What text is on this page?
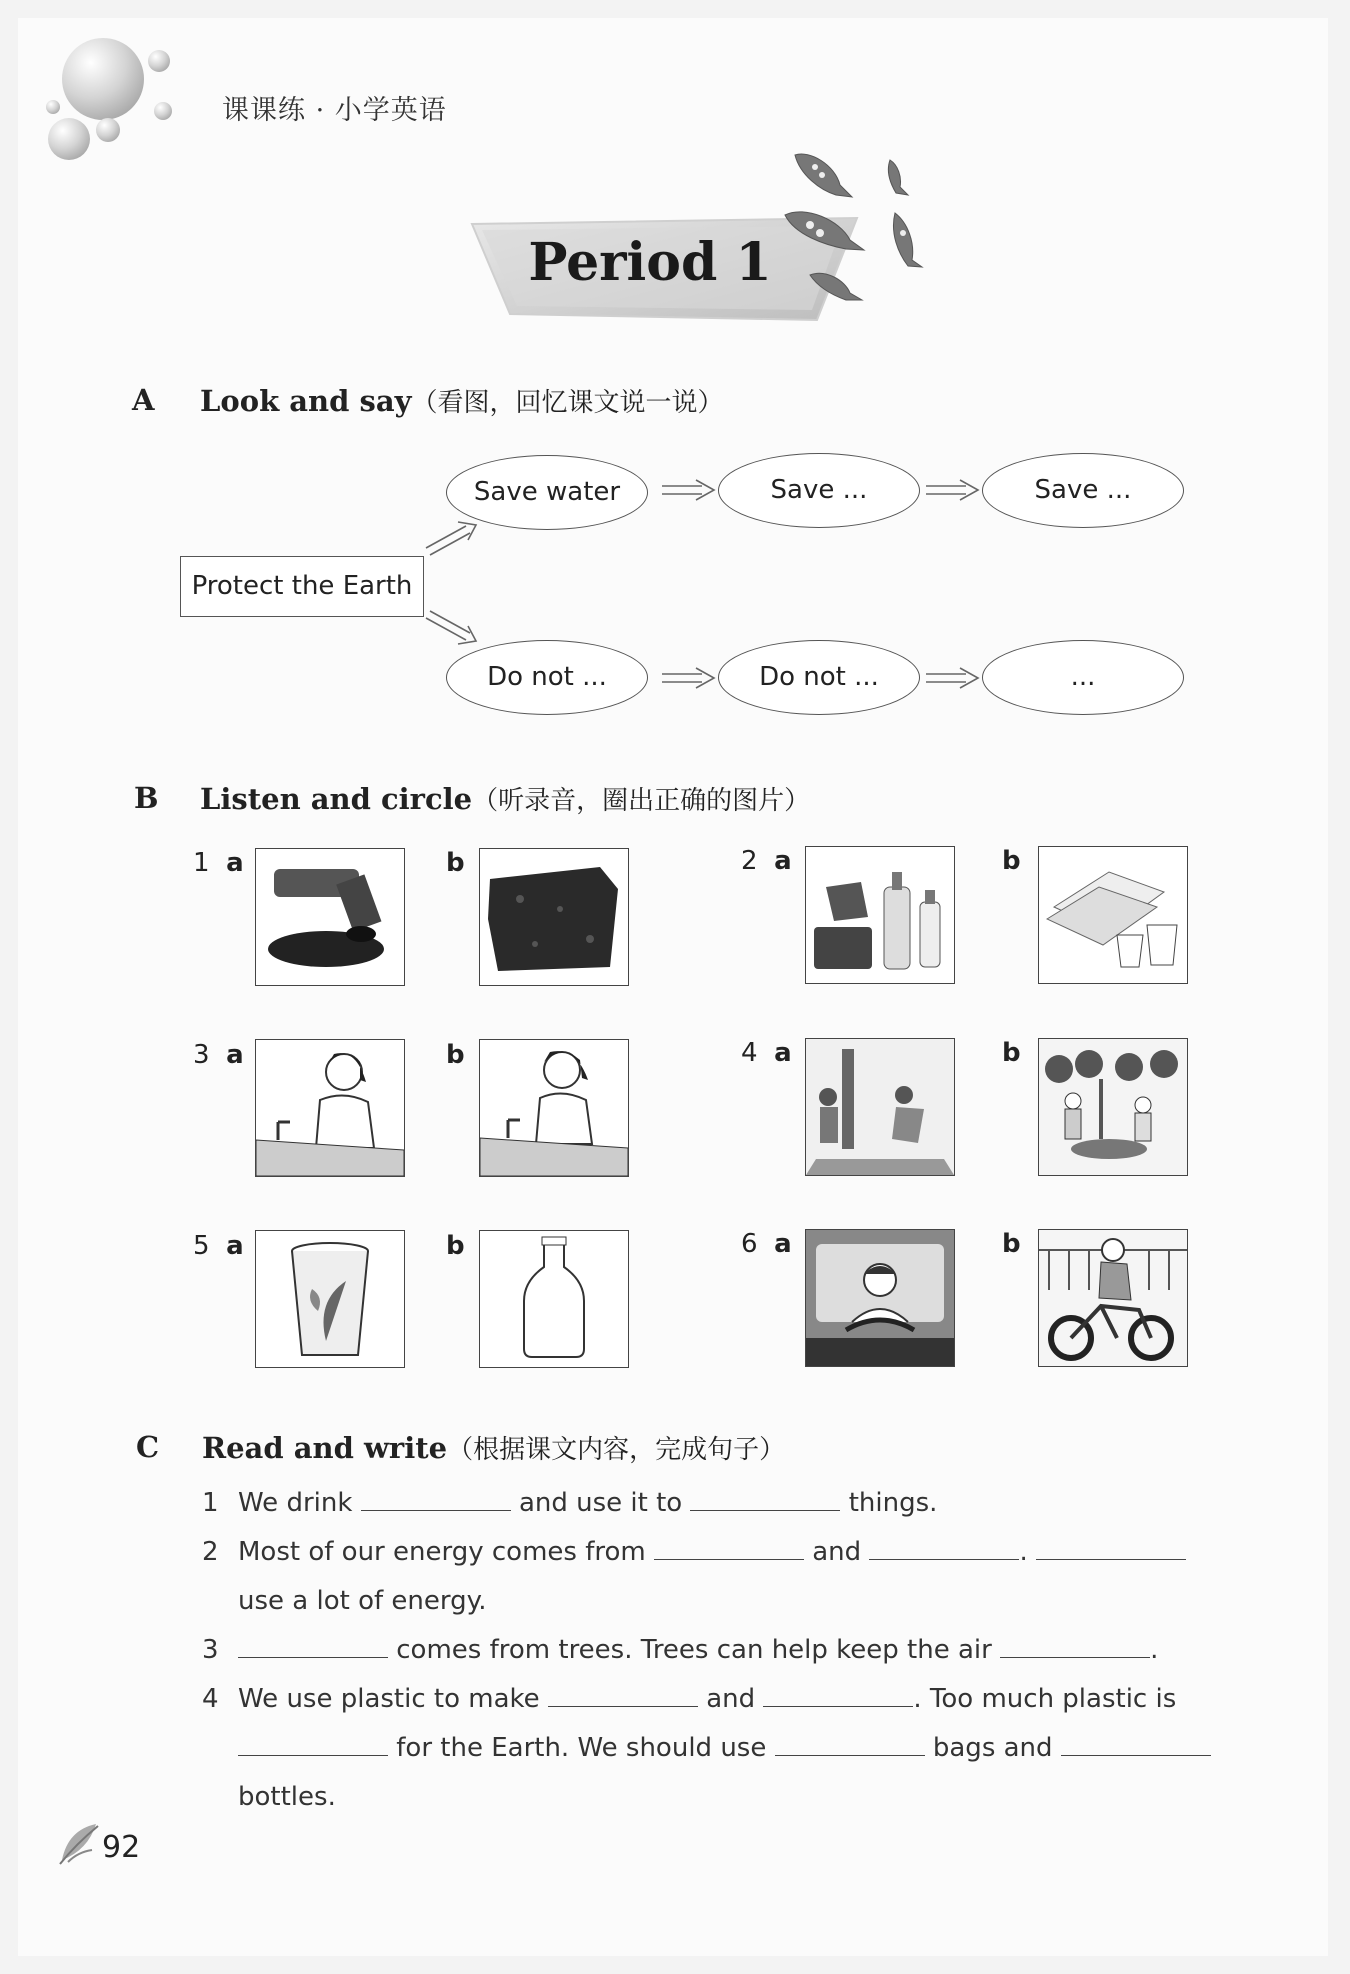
课课练 · 小学英语
Period 1
A Look and say（看图，回忆课文说一说）
Protect the Earth
Save water	Save ...	Save ...
Do not ...	Do not ...	...
B Listen and circle（听录音，圈出正确的图片）
1 a	b	2 a	b
3 a	b	4 a	b
5 a	b	6 a	b
C Read and write（根据课文内容，完成句子）
1 We drink	and use it to	things.
2 Most of our energy comes from	and	.
use a lot of energy.
3	comes from trees. Trees can help keep the air	.
4 We use plastic to make	and	. Too much plastic is
for the Earth. We should use	bags and
bottles.
92
